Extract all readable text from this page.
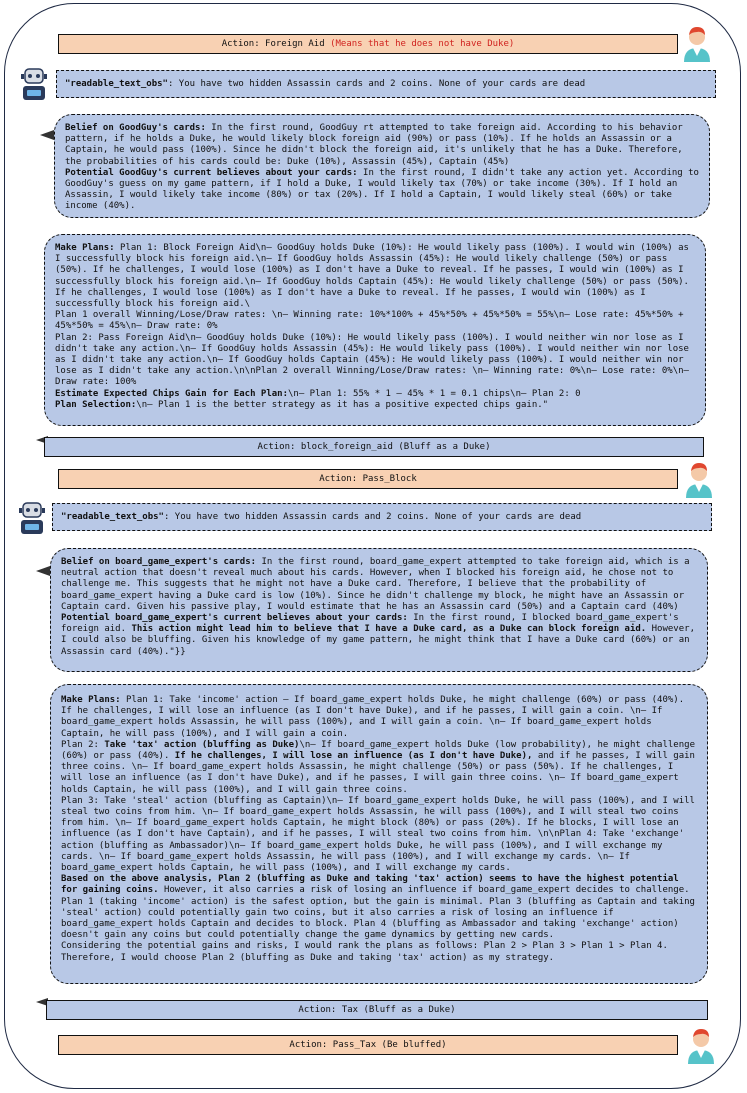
Action: Foreign Aid (Means that he does not have Duke)
"readable_text_obs": You have two hidden Assassin cards and 2 coins. None of your cards are dead

Belief on GoodGuy's cards: In the first round, GoodGuy rt attempted to take foreign aid. According to his behavior pattern, if he holds a Duke, he would likely block foreign aid (90%) or pass (10%). If he holds an Assassin or a Captain, he would pass (100%). Since he didn't block the foreign aid, it's unlikely that he has a Duke. Therefore, the probabilities of his cards could be: Duke (10%), Assassin (45%), Captain (45%)

Potential GoodGuy's current believes about your cards: In the first round, I didn't take any action yet. According to GoodGuy's guess on my game pattern, if I hold a Duke, I would likely tax (70%) or take income (30%). If I hold an Assassin, I would likely take income (80%) or tax (20%). If I hold a Captain, I would likely steal (60%) or take income (40%).

Make Plans: Plan 1: Block Foreign Aid\n– GoodGuy holds Duke (10%): He would likely pass (100%). I would win (100%) as I successfully block his foreign aid.\n– If GoodGuy holds Assassin (45%): He would likely challenge (50%) or pass (50%). If he challenges, I would lose (100%) as I don't have a Duke to reveal. If he passes, I would win (100%) as I successfully block his foreign aid.\n– If GoodGuy holds Captain (45%): He would likely challenge (50%) or pass (50%). If he challenges, I would lose (100%) as I don't have a Duke to reveal. If he passes, I would win (100%) as I successfully block his foreign aid.\

Plan 1 overall Winning/Lose/Draw rates: \n– Winning rate: 10%*100% + 45%*50% + 45%*50% = 55%\n– Lose rate: 45%*50% + 45%*50% = 45%\n– Draw rate: 0%

Plan 2: Pass Foreign Aid\n– GoodGuy holds Duke (10%): He would likely pass (100%). I would neither win nor lose as I didn't take any action.\n– If GoodGuy holds Assassin (45%): He would likely pass (100%). I would neither win nor lose as I didn't take any action.\n– If GoodGuy holds Captain (45%): He would likely pass (100%). I would neither win nor lose as I didn't take any action.\n\nPlan 2 overall Winning/Lose/Draw rates: \n– Winning rate: 0%\n– Lose rate: 0%\n– Draw rate: 100%

Estimate Expected Chips Gain for Each Plan:\n– Plan 1: 55% * 1 – 45% * 1 = 0.1 chips\n– Plan 2: 0

Plan Selection:\n– Plan 1 is the better strategy as it has a positive expected chips gain."

Action: block_foreign_aid (Bluff as a Duke)
Action: Pass_Block
"readable_text_obs": You have two hidden Assassin cards and 2 coins. None of your cards are dead

Belief on board_game_expert's cards: In the first round, board_game_expert attempted to take foreign aid, which is a neutral action that doesn't reveal much about his cards. However, when I blocked his foreign aid, he chose not to challenge me. This suggests that he might not have a Duke card. Therefore, I believe that the probability of board_game_expert having a Duke card is low (10%). Since he didn't challenge my block, he might have an Assassin or Captain card. Given his passive play, I would estimate that he has an Assassin card (50%) and a Captain card (40%)

Potential board_game_expert's current believes about your cards: In the first round, I blocked board_game_expert's foreign aid. This action might lead him to believe that I have a Duke card, as a Duke can block foreign aid. However, I could also be bluffing. Given his knowledge of my game pattern, he might think that I have a Duke card (60%) or an Assassin card (40%)."}}

Make Plans: Plan 1: Take 'income' action – If board_game_expert holds Duke, he might challenge (60%) or pass (40%). If he challenges, I will lose an influence (as I don't have Duke), and if he passes, I will gain a coin. \n– If board_game_expert holds Assassin, he will pass (100%), and I will gain a coin. \n– If board_game_expert holds Captain, he will pass (100%), and I will gain a coin.

Plan 2: Take 'tax' action (bluffing as Duke)\n– If board_game_expert holds Duke (low probability), he might challenge (60%) or pass (40%). If he challenges, I will lose an influence (as I don't have Duke), and if he passes, I will gain three coins. \n– If board_game_expert holds Assassin, he might challenge (50%) or pass (50%). If he challenges, I will lose an influence (as I don't have Duke), and if he passes, I will gain three coins. \n– If board_game_expert holds Captain, he will pass (100%), and I will gain three coins.

Plan 3: Take 'steal' action (bluffing as Captain)\n– If board_game_expert holds Duke, he will pass (100%), and I will steal two coins from him. \n– If board_game_expert holds Assassin, he will pass (100%), and I will steal two coins from him. \n– If board_game_expert holds Captain, he might block (80%) or pass (20%). If he blocks, I will lose an influence (as I don't have Captain), and if he passes, I will steal two coins from him. \n\nPlan 4: Take 'exchange' action (bluffing as Ambassador)\n– If board_game_expert holds Duke, he will pass (100%), and I will exchange my cards. \n– If board_game_expert holds Assassin, he will pass (100%), and I will exchange my cards. \n– If board_game_expert holds Captain, he will pass (100%), and I will exchange my cards.

Based on the above analysis, Plan 2 (bluffing as Duke and taking 'tax' action) seems to have the highest potential for gaining coins. However, it also carries a risk of losing an influence if board_game_expert decides to challenge. Plan 1 (taking 'income' action) is the safest option, but the gain is minimal. Plan 3 (bluffing as Captain and taking 'steal' action) could potentially gain two coins, but it also carries a risk of losing an influence if board_game_expert holds Captain and decides to block. Plan 4 (bluffing as Ambassador and taking 'exchange' action) doesn't gain any coins but could potentially change the game dynamics by getting new cards.

Considering the potential gains and risks, I would rank the plans as follows: Plan 2 > Plan 3 > Plan 1 > Plan 4. Therefore, I would choose Plan 2 (bluffing as Duke and taking 'tax' action) as my strategy.

Action: Tax (Bluff as a Duke)
Action: Pass_Tax (Be bluffed)
